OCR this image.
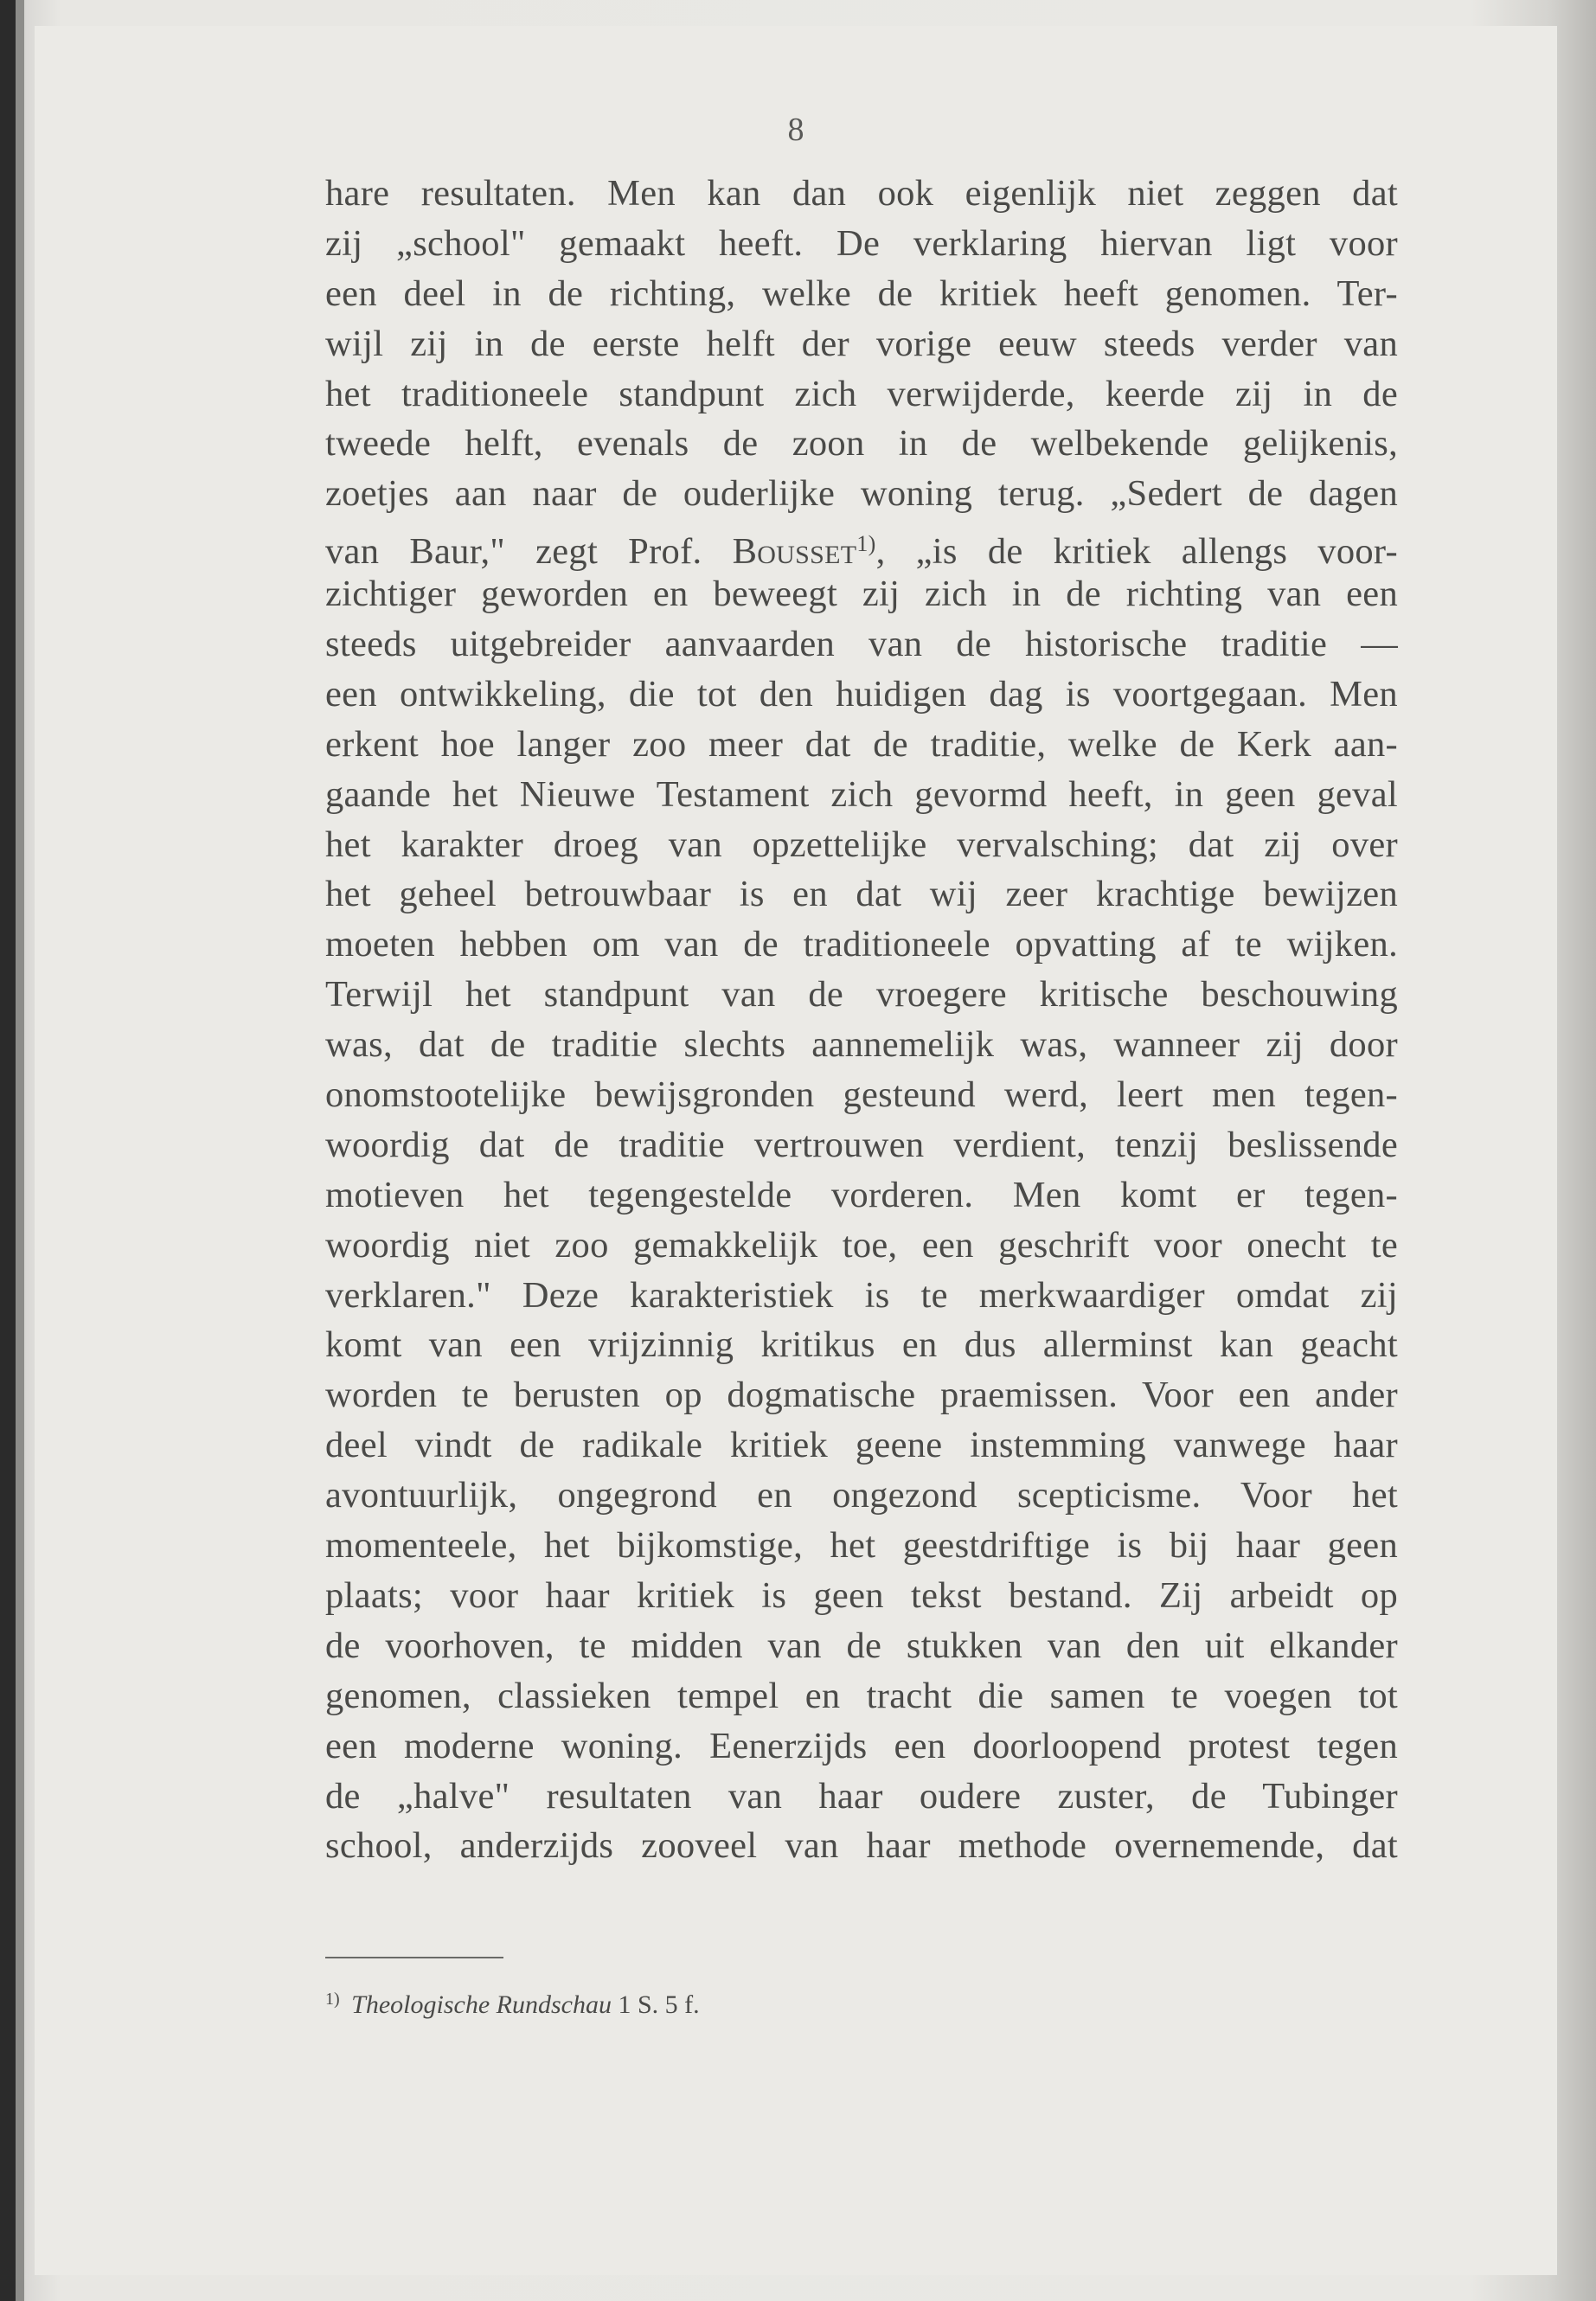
8
hare resultaten. Men kan dan ook eigenlijk niet zeggen dat
zij „school" gemaakt heeft. De verklaring hiervan ligt voor
een deel in de richting, welke de kritiek heeft genomen. Ter-
wijl zij in de eerste helft der vorige eeuw steeds verder van
het traditioneele standpunt zich verwijderde, keerde zij in de
tweede helft, evenals de zoon in de welbekende gelijkenis,
zoetjes aan naar de ouderlijke woning terug. „Sedert de dagen
van Baur," zegt Prof. Bousset$^{1)}$, „is de kritiek allengs voor-
zichtiger geworden en beweegt zij zich in de richting van een
steeds uitgebreider aanvaarden van de historische traditie —
een ontwikkeling, die tot den huidigen dag is voortgegaan. Men
erkent hoe langer zoo meer dat de traditie, welke de Kerk aan-
gaande het Nieuwe Testament zich gevormd heeft, in geen geval
het karakter droeg van opzettelijke vervalsching; dat zij over
het geheel betrouwbaar is en dat wij zeer krachtige bewijzen
moeten hebben om van de traditioneele opvatting af te wijken.
Terwijl het standpunt van de vroegere kritische beschouwing
was, dat de traditie slechts aannemelijk was, wanneer zij door
onomstootelijke bewijsgronden gesteund werd, leert men tegen-
woordig dat de traditie vertrouwen verdient, tenzij beslissende
motieven het tegengestelde vorderen. Men komt er tegen-
woordig niet zoo gemakkelijk toe, een geschrift voor onecht te
verklaren." Deze karakteristiek is te merkwaardiger omdat zij
komt van een vrijzinnig kritikus en dus allerminst kan geacht
worden te berusten op dogmatische praemissen. Voor een ander
deel vindt de radikale kritiek geene instemming vanwege haar
avontuurlijk, ongegrond en ongezond scepticisme. Voor het
momenteele, het bijkomstige, het geestdriftige is bij haar geen
plaats; voor haar kritiek is geen tekst bestand. Zij arbeidt op
de voorhoven, te midden van de stukken van den uit elkander
genomen, classieken tempel en tracht die samen te voegen tot
een moderne woning. Eenerzijds een doorloopend protest tegen
de „halve" resultaten van haar oudere zuster, de Tubinger
school, anderzijds zooveel van haar methode overnemende, dat
$^{1)}$ Theologische Rundschau 1 S. 5 f.
